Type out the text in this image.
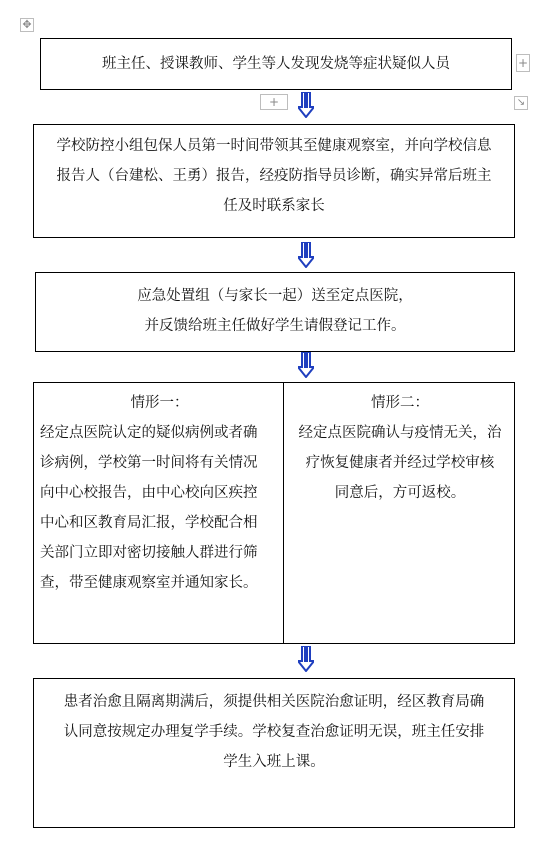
✥
班主任、授课教师、学生等人发现发烧等症状疑似人员	+
+	↘
学校防控小组包保人员第一时间带领其至健康观察室，并向学校信息
报告人（台建松、王勇）报告，经疫防指导员诊断，确实异常后班主
任及时联系家长
应急处置组（与家长一起）送至定点医院，
并反馈给班主任做好学生请假登记工作。
情形一：
经定点医院认定的疑似病例或者确
诊病例，学校第一时间将有关情况
向中心校报告，由中心校向区疾控
中心和区教育局汇报，学校配合相
关部门立即对密切接触人群进行筛
查，带至健康观察室并通知家长。
情形二：
经定点医院确认与疫情无关，治
疗恢复健康者并经过学校审核
同意后，方可返校。
患者治愈且隔离期满后，须提供相关医院治愈证明，经区教育局确
认同意按规定办理复学手续。学校复查治愈证明无误，班主任安排
学生入班上课。
